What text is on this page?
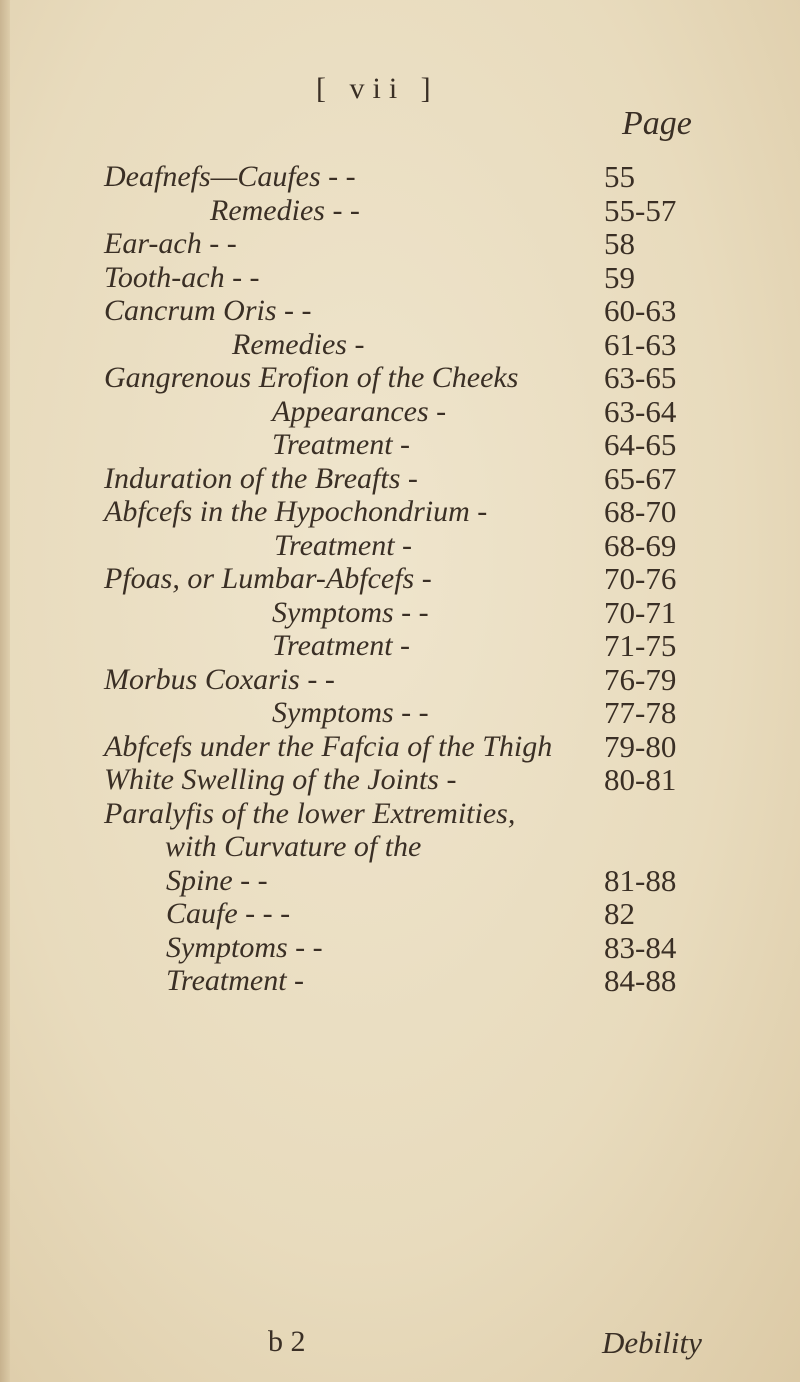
[ vii ]
Page
Deafnefs—Caufes - -	55
Remedies - -	55-57
Ear-ach - -	58
Tooth-ach - -	59
Cancrum Oris - -	60-63
Remedies -	61-63
Gangrenous Erofion of the Cheeks	63-65
Appearances -	63-64
Treatment -	64-65
Induration of the Breafts -	65-67
Abfcefs in the Hypochondrium -	68-70
Treatment -	68-69
Pfoas, or Lumbar-Abfcefs -	70-76
Symptoms - -	70-71
Treatment -	71-75
Morbus Coxaris - -	76-79
Symptoms - -	77-78
Abfcefs under the Fafcia of the Thigh 79-80
White Swelling of the Joints -	80-81
Paralyfis of the lower Extremities,
with Curvature of the
Spine - -	81-88
Caufe - - -	82
Symptoms - -	83-84
Treatment -	84-88
b 2	Debility
